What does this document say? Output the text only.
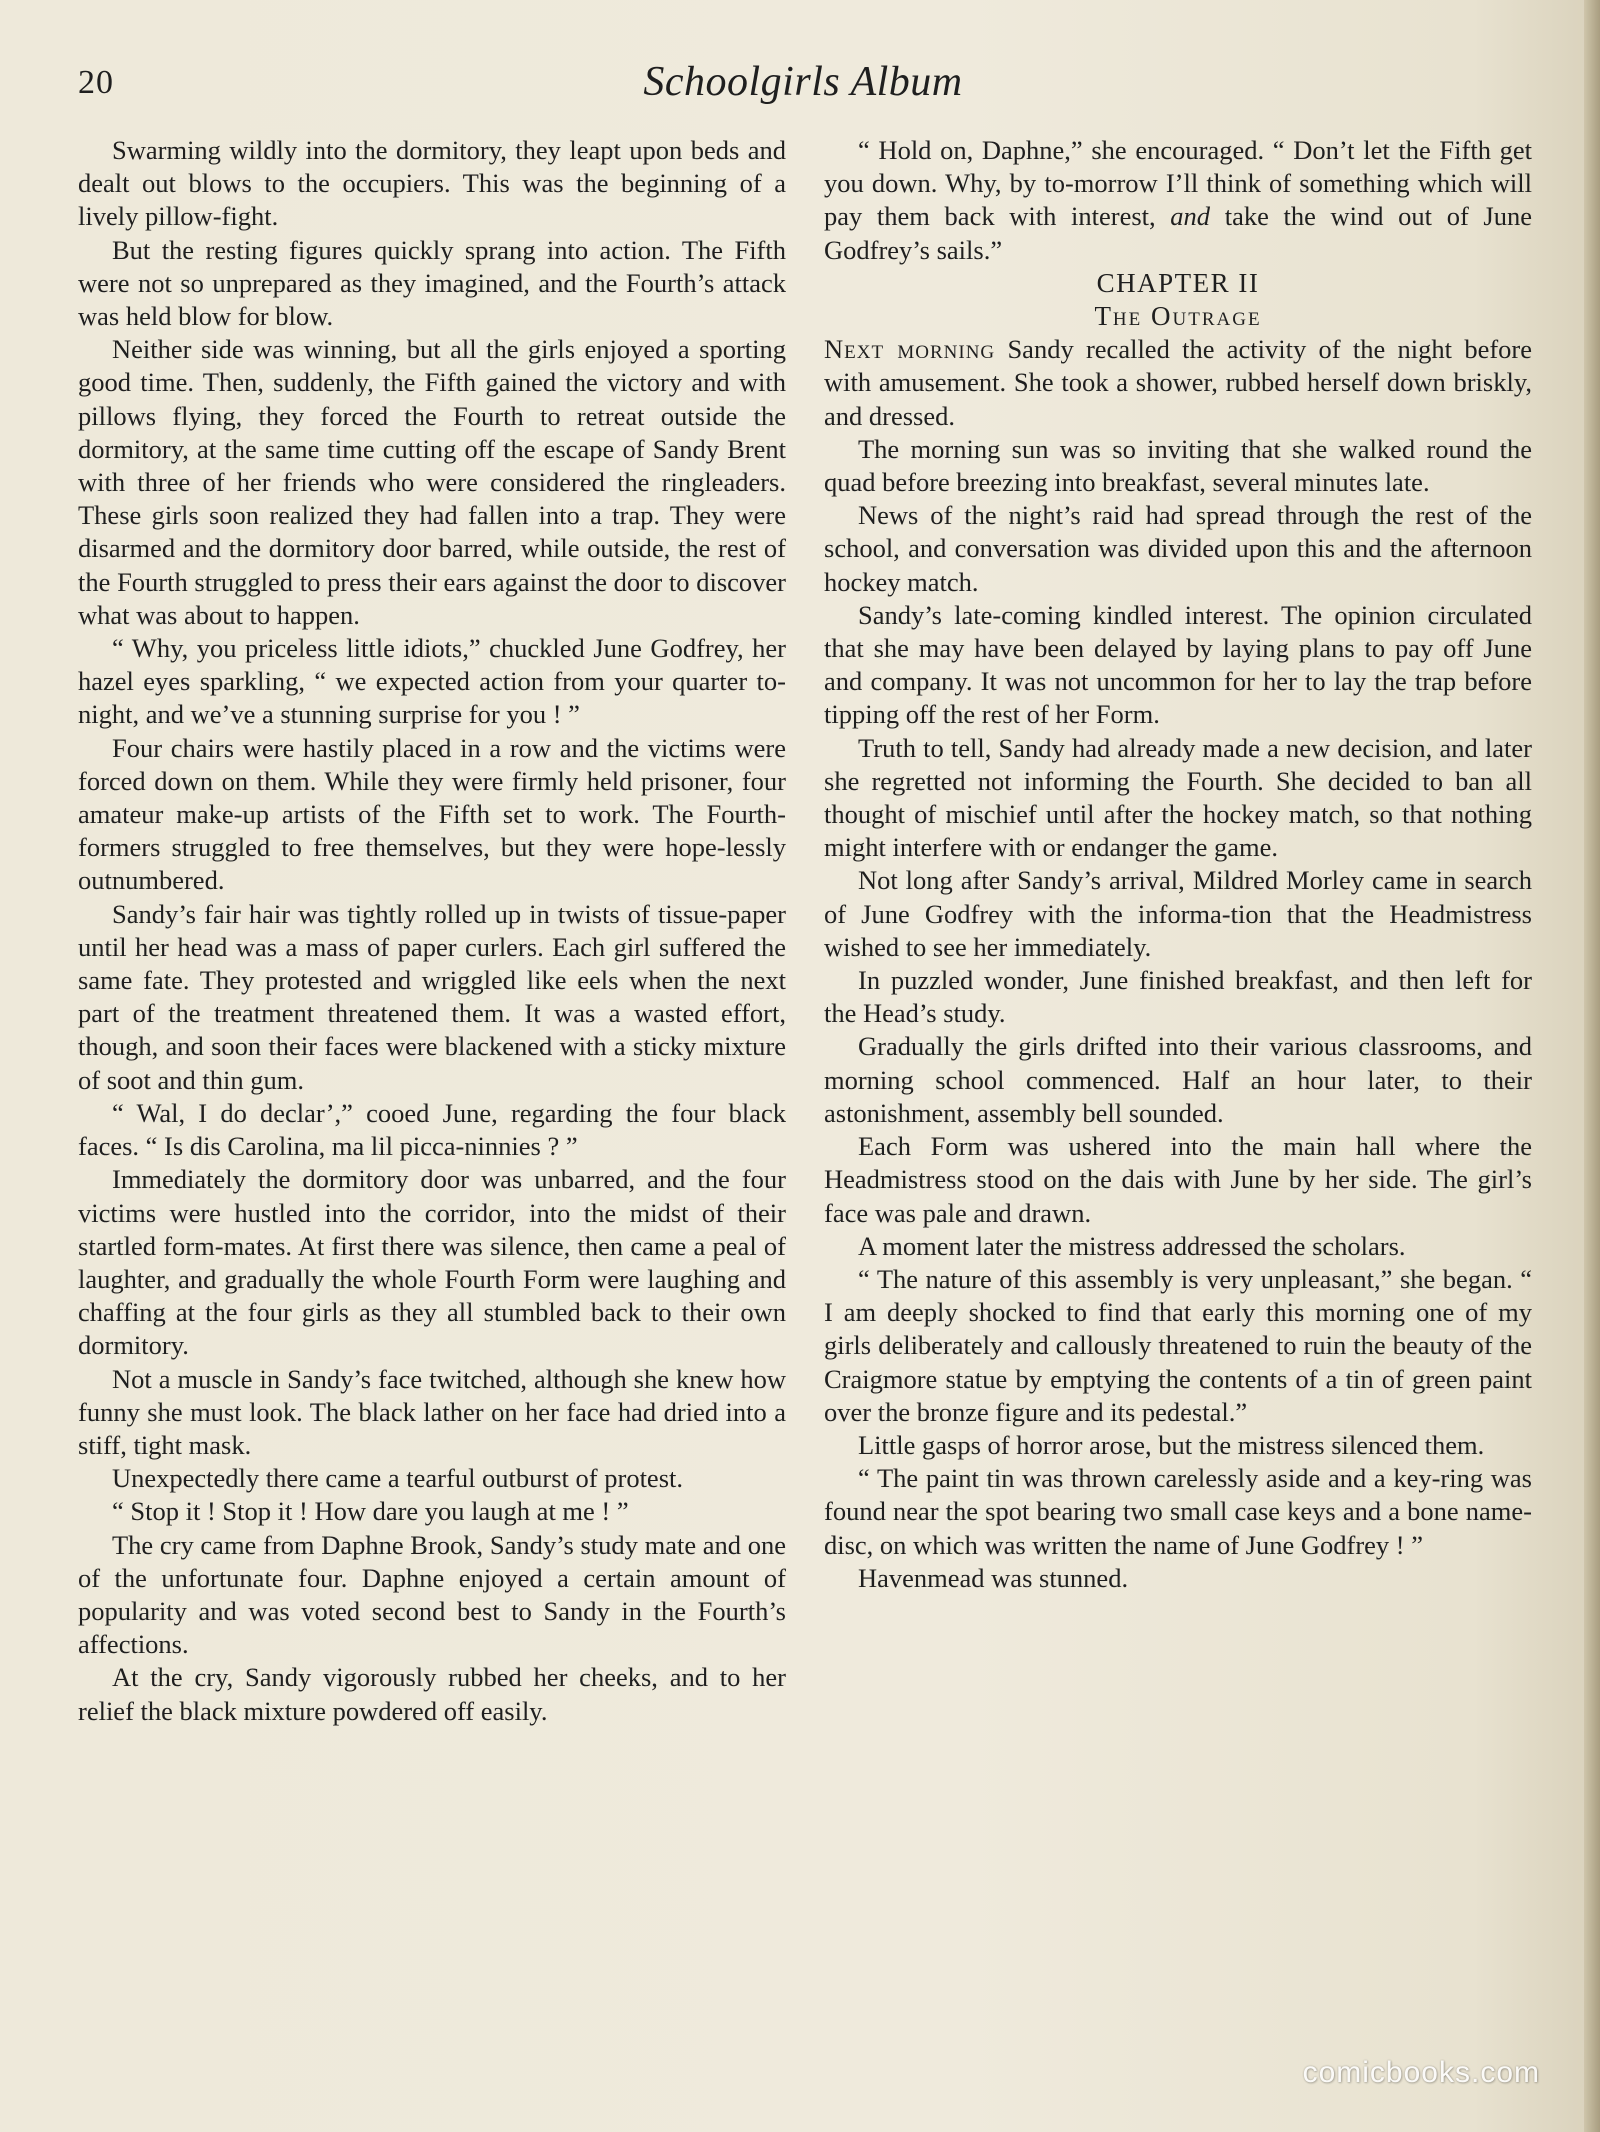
20	Schoolgirls Album

Swarming wildly into the dormitory, they leapt upon beds and dealt out blows to the occupiers. This was the beginning of a lively pillow-fight.

But the resting figures quickly sprang into action. The Fifth were not so unprepared as they imagined, and the Fourth’s attack was held blow for blow.

Neither side was winning, but all the girls enjoyed a sporting good time. Then, suddenly, the Fifth gained the victory and with pillows flying, they forced the Fourth to retreat outside the dormitory, at the same time cutting off the escape of Sandy Brent with three of her friends who were considered the ringleaders. These girls soon realized they had fallen into a trap. They were disarmed and the dormitory door barred, while outside, the rest of the Fourth struggled to press their ears against the door to discover what was about to happen.

“ Why, you priceless little idiots,” chuckled June Godfrey, her hazel eyes sparkling, “ we expected action from your quarter to-night, and we’ve a stunning surprise for you ! ”

Four chairs were hastily placed in a row and the victims were forced down on them. While they were firmly held prisoner, four amateur make-up artists of the Fifth set to work. The Fourth-formers struggled to free themselves, but they were hope-lessly outnumbered.

Sandy’s fair hair was tightly rolled up in twists of tissue-paper until her head was a mass of paper curlers. Each girl suffered the same fate. They protested and wriggled like eels when the next part of the treatment threatened them. It was a wasted effort, though, and soon their faces were blackened with a sticky mixture of soot and thin gum.

“ Wal, I do declar’,” cooed June, regarding the four black faces. “ Is dis Carolina, ma lil picca-ninnies ? ”

Immediately the dormitory door was unbarred, and the four victims were hustled into the corridor, into the midst of their startled form-mates. At first there was silence, then came a peal of laughter, and gradually the whole Fourth Form were laughing and chaffing at the four girls as they all stumbled back to their own dormitory.

Not a muscle in Sandy’s face twitched, although she knew how funny she must look. The black lather on her face had dried into a stiff, tight mask.

Unexpectedly there came a tearful outburst of protest.

“ Stop it ! Stop it ! How dare you laugh at me ! ”

The cry came from Daphne Brook, Sandy’s study mate and one of the unfortunate four. Daphne enjoyed a certain amount of popularity and was voted second best to Sandy in the Fourth’s affections.

At the cry, Sandy vigorously rubbed her cheeks, and to her relief the black mixture powdered off easily.

“ Hold on, Daphne,” she encouraged. “ Don’t let the Fifth get you down. Why, by to-morrow I’ll think of something which will pay them back with interest, and take the wind out of June Godfrey’s sails.”

CHAPTER II

The Outrage

Next morning Sandy recalled the activity of the night before with amusement. She took a shower, rubbed herself down briskly, and dressed.

The morning sun was so inviting that she walked round the quad before breezing into breakfast, several minutes late.

News of the night’s raid had spread through the rest of the school, and conversation was divided upon this and the afternoon hockey match.

Sandy’s late-coming kindled interest. The opinion circulated that she may have been delayed by laying plans to pay off June and company. It was not uncommon for her to lay the trap before tipping off the rest of her Form.

Truth to tell, Sandy had already made a new decision, and later she regretted not informing the Fourth. She decided to ban all thought of mischief until after the hockey match, so that nothing might interfere with or endanger the game.

Not long after Sandy’s arrival, Mildred Morley came in search of June Godfrey with the informa-tion that the Headmistress wished to see her immediately.

In puzzled wonder, June finished breakfast, and then left for the Head’s study.

Gradually the girls drifted into their various classrooms, and morning school commenced. Half an hour later, to their astonishment, assembly bell sounded.

Each Form was ushered into the main hall where the Headmistress stood on the dais with June by her side. The girl’s face was pale and drawn.

A moment later the mistress addressed the scholars.

“ The nature of this assembly is very unpleasant,” she began. “ I am deeply shocked to find that early this morning one of my girls deliberately and callously threatened to ruin the beauty of the Craigmore statue by emptying the contents of a tin of green paint over the bronze figure and its pedestal.”

Little gasps of horror arose, but the mistress silenced them.

“ The paint tin was thrown carelessly aside and a key-ring was found near the spot bearing two small case keys and a bone name-disc, on which was written the name of June Godfrey ! ”

Havenmead was stunned.

comicbooks.com
